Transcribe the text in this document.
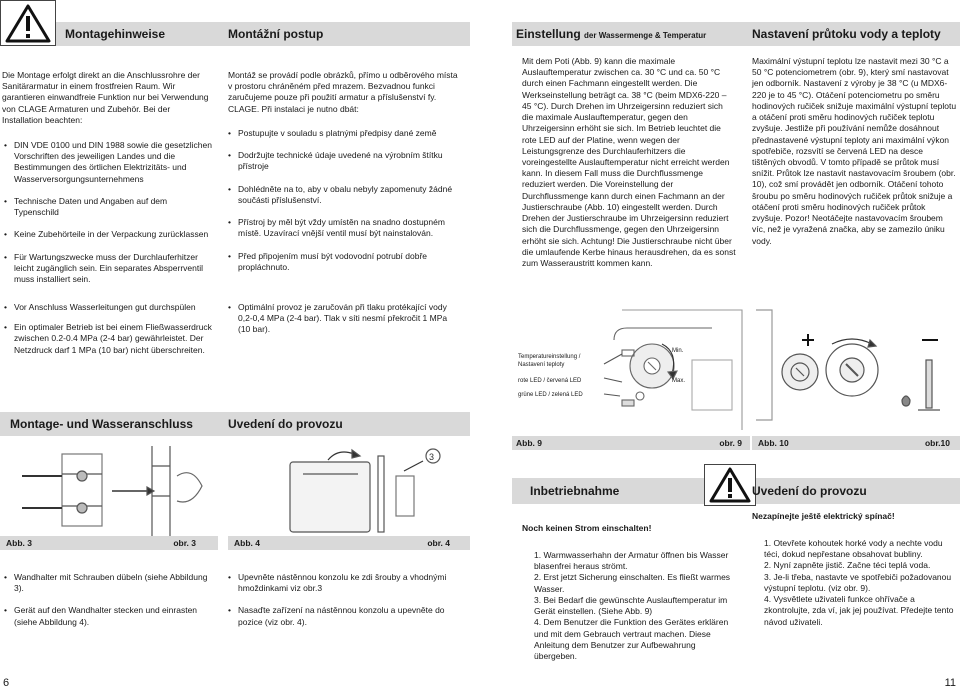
Montagehinweise	Montážní postup
Die Montage erfolgt direkt an die Anschlussrohre der Sanitärarmatur in einem frostfreien Raum. Wir garantieren einwandfreie Funktion nur bei Verwendung von CLAGE Armaturen und Zubehör. Bei der Installation beachten:
• DIN VDE 0100 und DIN 1988 sowie die gesetzlichen Vorschriften des jeweiligen Landes und die Bestimmungen des örtlichen Elektrizitäts- und Wasserversorgungsunternehmens
• Technische Daten und Angaben auf dem Typenschild
• Keine Zubehörteile in der Verpackung zurücklassen
• Für Wartungszwecke muss der Durchlauferhitzer leicht zugänglich sein. Ein separates Absperrventil muss installiert sein.
• Vor Anschluss Wasserleitungen gut durchspülen
• Ein optimaler Betrieb ist bei einem Fließwasserdruck zwischen 0.2-0.4 MPa (2-4 bar) gewährleistet. Der Netzdruck darf 1 MPa (10 bar) nicht überschreiten.
Montáž se provádí podle obrázků, přímo u odběrového místa v prostoru chráněném před mrazem. Bezvadnou funkci zaručujeme pouze při použití armatur a příslušenství fy. CLAGE. Při instalaci je nutno dbát:
• Postupujte v souladu s platnými předpisy dané země
• Dodržujte technické údaje uvedené na výrobním štítku přístroje
• Dohlédněte na to, aby v obalu nebyly zapomenuty žádné součásti příslušenství.
• Přístroj by měl být vždy umístěn na snadno dostupném místě. Uzavírací vnější ventil musí být nainstalován.
• Před připojením musí být vodovodní potrubí dobře propláchnuto.
• Optimální provoz je zaručován při tlaku protékající vody 0,2-0,4 MPa (2-4 bar). Tlak v síti nesmí překročit 1 MPa (10 bar).
Montage- und Wasseranschluss	Uvedení do provozu
Abb. 3	obr. 3
3
Abb. 4	obr. 4
• Wandhalter mit Schrauben dübeln (siehe Abbildung 3).
• Gerät auf den Wandhalter stecken und einrasten (siehe Abbildung 4).
• Upevněte nástěnnou konzolu ke zdi šrouby a vhodnými hmoždinkami viz obr.3
• Nasaďte zařízení na nástěnnou konzolu a upevněte do pozice (viz obr. 4).
6
Einstellung der Wassermenge & Temperatur	Nastavení průtoku vody a teploty
Mit dem Poti (Abb. 9) kann die maximale Auslauftemperatur zwischen ca. 30 °C und ca. 50 °C durch einen Fachmann eingestellt werden. Die Werkseinstellung beträgt ca. 38 °C (beim MDX6-220 – 45 °C). Durch Drehen im Uhrzeigersinn reduziert sich die maximale Auslauftemperatur, gegen den Uhrzeigersinn erhöht sie sich. Im Betrieb leuchtet die rote LED auf der Platine, wenn wegen der Leistungsgrenze des Durchlauferhitzers die voreingestellte Auslauftemperatur nicht erreicht werden kann. In diesem Fall muss die Durchflussmenge reduziert werden. Die Voreinstellung der Durchflussmenge kann durch einen Fachmann an der Justierschraube (Abb. 10) eingestellt werden. Durch Drehen der Justierschraube im Uhrzeigersinn reduziert sich die Durchflussmenge, gegen den Uhrzeigersinn erhöht sie sich. Achtung! Die Justierschraube nicht über die umlaufende Kerbe hinaus herausdrehen, da es sonst zum Wasseraustritt kommen kann.
Maximální výstupní teplotu lze nastavit mezi 30 °C a 50 °C potenciometrem (obr. 9), který smí nastavovat jen odborník. Nastavení z výroby je 38 °C (u MDX6-220 je to 45 °C). Otáčení potenciometru po směru hodinových ručiček snižuje maximální výstupní teplotu a otáčení proti směru hodinových ručiček teplotu zvyšuje. Jestliže při používání nemůže dosáhnout přednastavené výstupní teploty ani maximální výkon spotřebiče, rozsvítí se červená LED na desce tištěných obvodů. V tomto případě se průtok musí snížit. Průtok lze nastavit nastavovacím šroubem (obr. 10), což smí provádět jen odborník. Otáčení tohoto šroubu po směru hodinových ručiček průtok snižuje a otáčení proti směru hodinových ručiček průtok zvyšuje. Pozor! Neotáčejte nastavovacím šroubem víc, než je vyražená značka, aby se zamezilo úniku vody.
Temperatureinstellung / Nastavení teploty
rote LED / červená LED
grüne LED / zelená LED
Min.
Max.
Abb. 9	obr. 9 Abb. 10	obr.10
Inbetriebnahme	Uvedení do provozu
Noch keinen Strom einschalten!
1. Warmwasserhahn der Armatur öffnen bis Wasser blasenfrei heraus strömt.
2. Erst jetzt Sicherung einschalten. Es fließt warmes Wasser.
3. Bei Bedarf die gewünschte Auslauftemperatur im Gerät einstellen. (Siehe Abb. 9)
4. Dem Benutzer die Funktion des Gerätes erklären und mit dem Gebrauch vertraut machen. Diese Anleitung dem Benutzer zur Aufbewahrung übergeben.
Nezapínejte ještě elektrický spínač!
1. Otevřete kohoutek horké vody a nechte vodu téci, dokud nepřestane obsahovat bubliny.
2. Nyní zapněte jistič. Začne téci teplá voda.
3. Je-li třeba, nastavte ve spotřebiči požadovanou výstupní teplotu. (viz obr. 9).
4. Vysvětlete uživateli funkce ohřívače a zkontrolujte, zda ví, jak jej používat. Předejte tento návod uživateli.
11
